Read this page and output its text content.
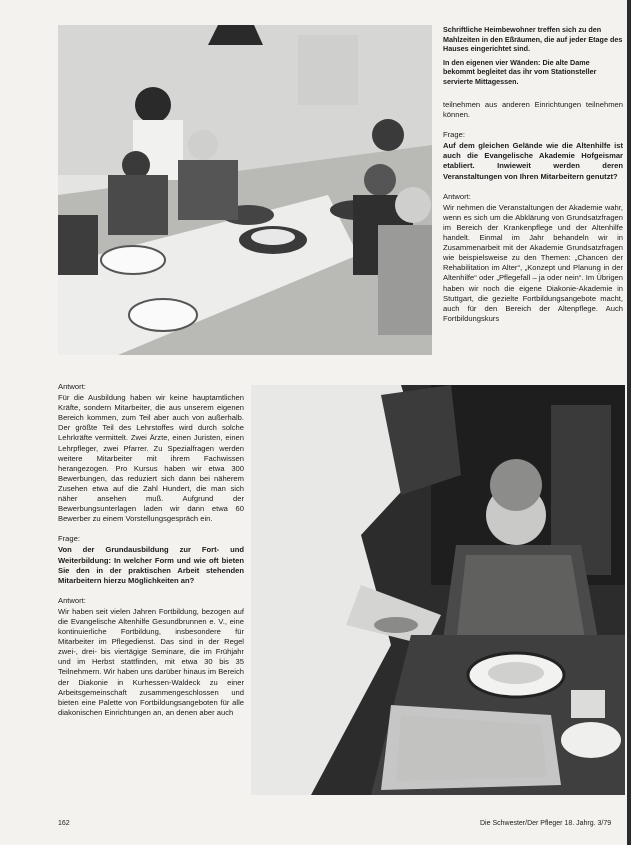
Schriftliche Heimbewohner treffen sich zu den Mahlzeiten in den Eßräumen, die auf jeder Etage des Hauses eingerichtet sind.

In den eigenen vier Wänden: Die alte Dame bekommt begleitet das ihr vom Stationsteller servierte Mittagessen.

teilnehmen aus anderen Einrichtungen teilnehmen können.

Frage:

Auf dem gleichen Gelände wie die Altenhilfe ist auch die Evangelische Akademie Hofgeismar etabliert. Inwieweit werden deren Veranstaltungen von Ihren Mitarbeitern genutzt?

Antwort:

Wir nehmen die Veranstaltungen der Akademie wahr, wenn es sich um die Abklärung von Grundsatzfragen im Bereich der Krankenpflege und der Altenhilfe handelt. Einmal im Jahr behandeln wir in Zusammenarbeit mit der Akademie Grundsatzfragen wie beispielsweise zu den Themen: „Chancen der Rehabilitation im Alter“, „Konzept und Planung in der Altenhilfe“ oder „Pflegefall – ja oder nein“. Im Übrigen haben wir noch die eigene Diakonie-Akademie in Stuttgart, die gezielte Fortbildungsangebote macht, auch für den Bereich der Altenpflege. Auch Fortbildungskurs

Antwort:

Für die Ausbildung haben wir keine hauptamtlichen Kräfte, sondern Mitarbeiter, die aus unserem eigenen Bereich kommen, zum Teil aber auch von außerhalb. Der größte Teil des Lehrstoffes wird durch solche Lehrkräfte vermittelt. Zwei Ärzte, einen Juristen, einen Lehrpfleger, zwei Pfarrer. Zu Spezialfragen werden weitere Mitarbeiter mit ihrem Fachwissen herangezogen. Pro Kursus haben wir etwa 300 Bewerbungen, das reduziert sich dann bei näherem Zusehen etwa auf die Zahl Hundert, die man sich näher ansehen muß. Aufgrund der Bewerbungsunterlagen laden wir dann etwa 60 Bewerber zu einem Vorstellungsgespräch ein.

Frage:

Von der Grundausbildung zur Fort- und Weiterbildung: In welcher Form und wie oft bieten Sie den in der praktischen Arbeit stehenden Mitarbeitern hierzu Möglichkeiten an?

Antwort:

Wir haben seit vielen Jahren Fortbildung, bezogen auf die Evangelische Altenhilfe Gesundbrunnen e. V., eine kontinuierliche Fortbildung, insbesondere für Mitarbeiter im Pflegedienst. Das sind in der Regel zwei-, drei- bis viertägige Seminare, die im Frühjahr und im Herbst stattfinden, mit etwa 30 bis 35 Teilnehmern. Wir haben uns darüber hinaus im Bereich der Diakonie in Kurhessen-Waldeck zu einer Arbeitsgemeinschaft zusammengeschlossen und bieten eine Palette von Fortbildungsangeboten für alle diakonischen Einrichtungen an, an denen aber auch

162	Die Schwester/Der Pfleger 18. Jahrg. 3/79
